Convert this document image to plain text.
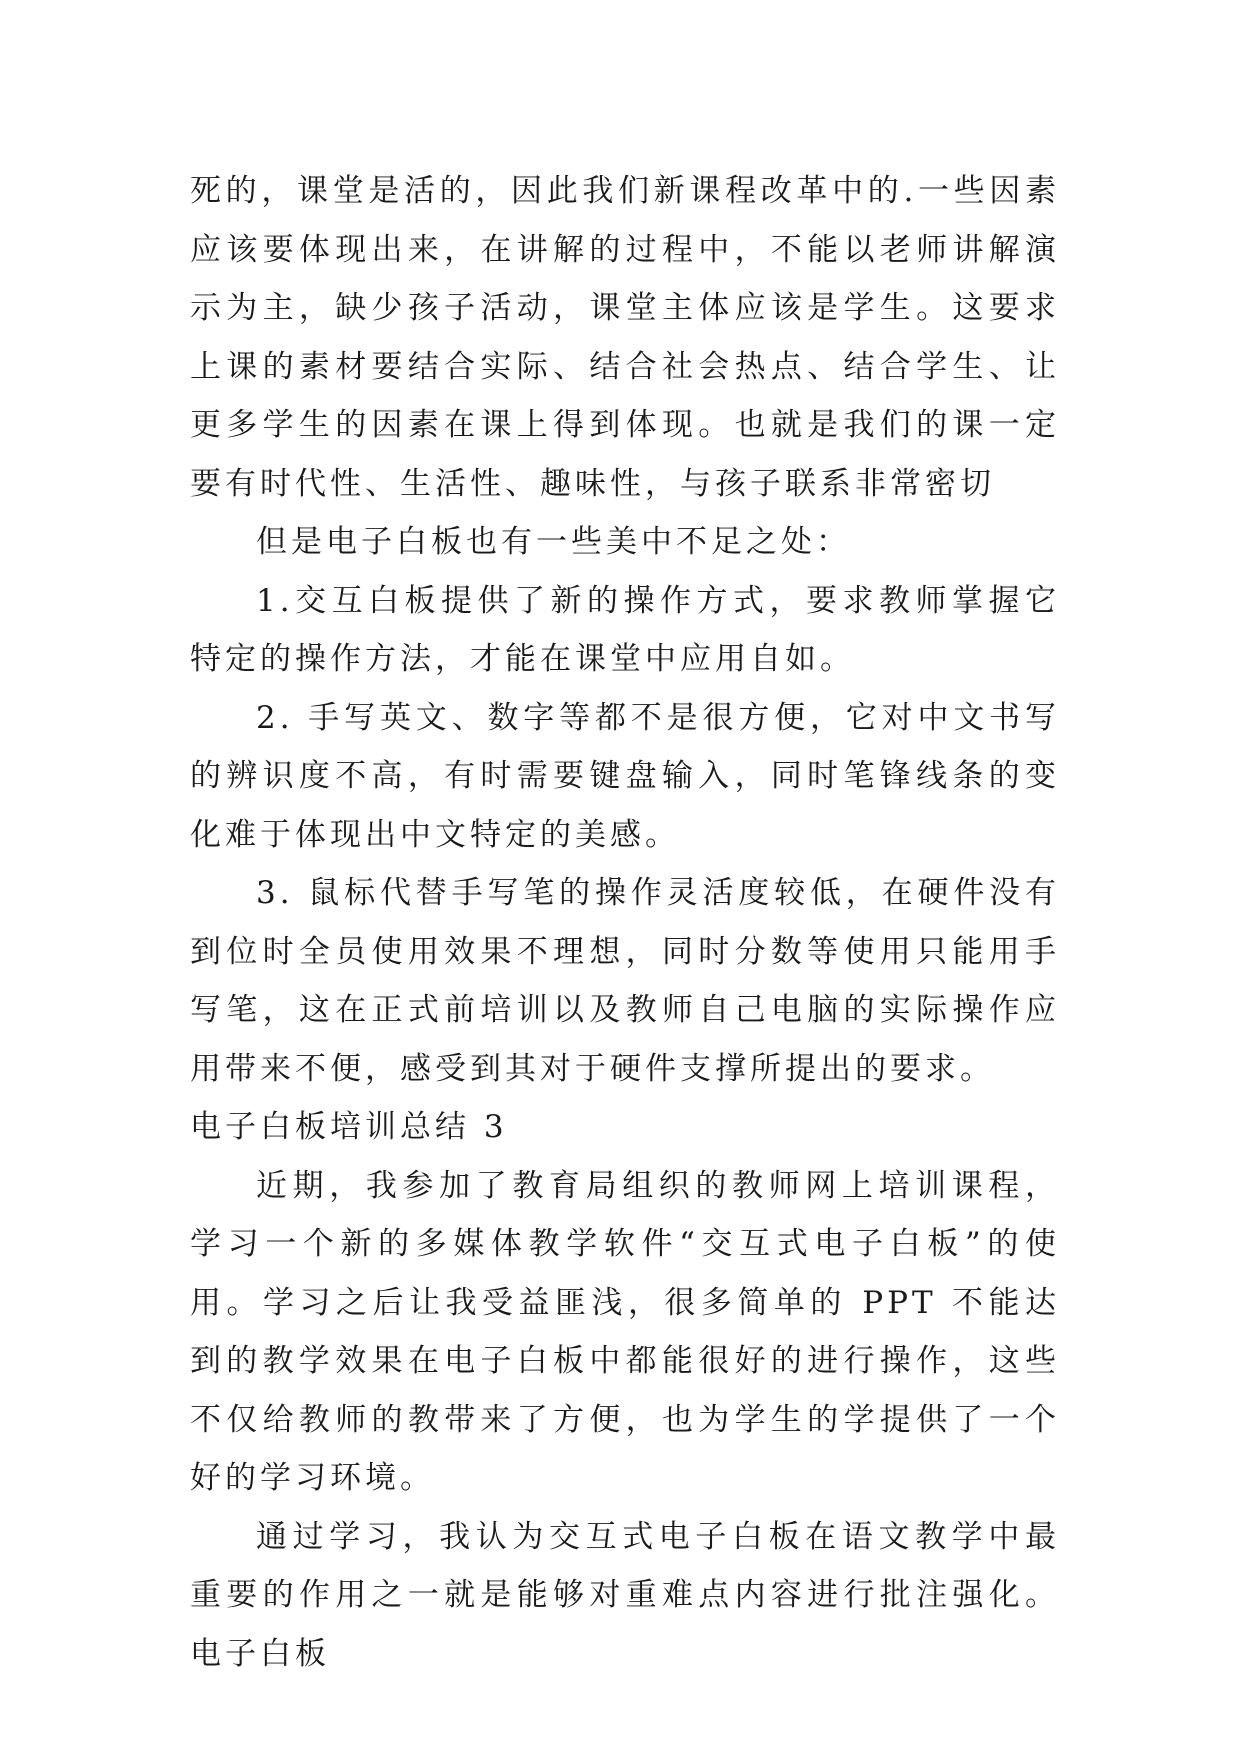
死的，课堂是活的，因此我们新课程改革中的.一些因素应该要体现出来，在讲解的过程中，不能以老师讲解演示为主，缺少孩子活动，课堂主体应该是学生。这要求上课的素材要结合实际、结合社会热点、结合学生、让更多学生的因素在课上得到体现。也就是我们的课一定要有时代性、生活性、趣味性，与孩子联系非常密切

但是电子白板也有一些美中不足之处：

1.交互白板提供了新的操作方式，要求教师掌握它特定的操作方法，才能在课堂中应用自如。

2. 手写英文、数字等都不是很方便，它对中文书写的辨识度不高，有时需要键盘输入，同时笔锋线条的变化难于体现出中文特定的美感。

3. 鼠标代替手写笔的操作灵活度较低，在硬件没有到位时全员使用效果不理想，同时分数等使用只能用手写笔，这在正式前培训以及教师自己电脑的实际操作应用带来不便，感受到其对于硬件支撑所提出的要求。

电子白板培训总结 3

近期，我参加了教育局组织的教师网上培训课程，学习一个新的多媒体教学软件“交互式电子白板”的使用。学习之后让我受益匪浅，很多简单的 PPT 不能达到的教学效果在电子白板中都能很好的进行操作，这些不仅给教师的教带来了方便，也为学生的学提供了一个好的学习环境。

通过学习，我认为交互式电子白板在语文教学中最重要的作用之一就是能够对重难点内容进行批注强化。电子白板
